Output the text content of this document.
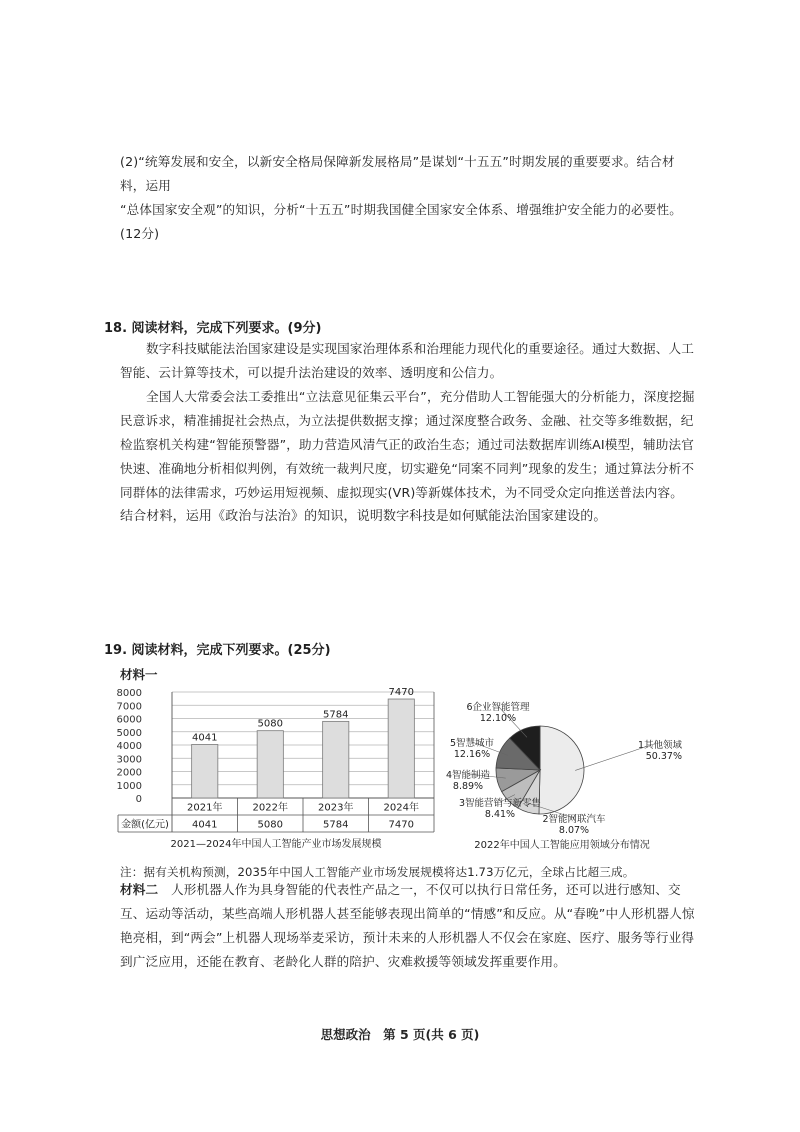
(2)“统筹发展和安全，以新安全格局保障新发展格局”是谋划“十五五”时期发展的重要要求。结合材料，运用
“总体国家安全观”的知识，分析“十五五”时期我国健全国家安全体系、增强维护安全能力的必要性。(12分)
18. 阅读材料，完成下列要求。(9分)
数字科技赋能法治国家建设是实现国家治理体系和治理能力现代化的重要途径。通过大数据、人工智能、云计算等技术，可以提升法治建设的效率、透明度和公信力。
全国人大常委会法工委推出“立法意见征集云平台”，充分借助人工智能强大的分析能力，深度挖掘民意诉求，精准捕捉社会热点，为立法提供数据支撑；通过深度整合政务、金融、社交等多维数据，纪检监察机关构建“智能预警器”，助力营造风清气正的政治生态；通过司法数据库训练AI模型，辅助法官快速、准确地分析相似判例，有效统一裁判尺度，切实避免“同案不同判”现象的发生；通过算法分析不同群体的法律需求，巧妙运用短视频、虚拟现实(VR)等新媒体技术，为不同受众定向推送普法内容。
结合材料，运用《政治与法治》的知识，说明数字科技是如何赋能法治国家建设的。
19. 阅读材料，完成下列要求。(25分)
材料一
0
1000
2000
3000
4000
5000
6000
7000
8000
金额(亿元)
4041
2021年
4041
5080
2022年
5080
5784
2023年
5784
7470
2024年
7470
2021—2024年中国人工智能产业市场发展规模
1其他领域
50.37%
2智能网联汽车
8.07%
3智能营销与新零售
8.41%
4智能制造
8.89%
5智慧城市
12.16%
6企业智能管理
12.10%
2022年中国人工智能应用领域分布情况
注：据有关机构预测，2035年中国人工智能产业市场发展规模将达1.73万亿元，全球占比超三成。
材料二　 人形机器人作为具身智能的代表性产品之一，不仅可以执行日常任务，还可以进行感知、交互、运动等活动，某些高端人形机器人甚至能够表现出简单的“情感”和反应。从“春晚”中人形机器人惊艳亮相，到“两会”上机器人现场举麦采访，预计未来的人形机器人不仅会在家庭、医疗、服务等行业得到广泛应用，还能在教育、老龄化人群的陪护、灾难救援等领域发挥重要作用。
思想政治　第 5 页(共 6 页)
